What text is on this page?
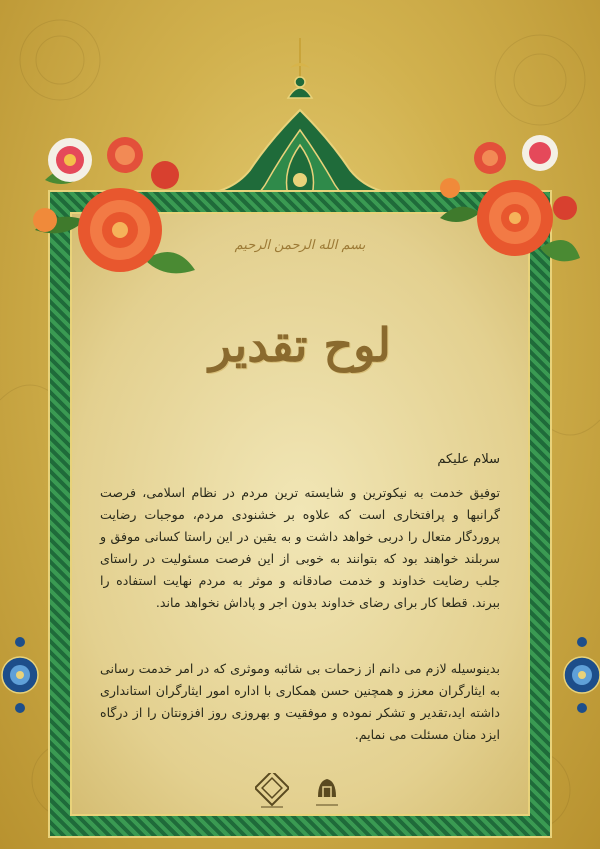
بسم الله الرحمن الرحیم
لوح تقدیر
سلام علیکم
توفیق خدمت به نیکوترین و شایسته ترین مردم در نظام اسلامی، فرصت گرانبها و پرافتخاری است که علاوه بر خشنودی مردم، موجبات رضایت پروردگار متعال را دربی خواهد داشت و به یقین در این راستا کسانی موفق و سربلند خواهند بود که بتوانند به خوبی از این فرصت مسئولیت در راستای جلب رضایت خداوند و خدمت صادقانه و موثر به مردم نهایت استفاده را ببرند. قطعا کار برای رضای خداوند بدون اجر و پاداش نخواهد ماند.
بدینوسیله لازم می دانم از زحمات بی شائبه وموثری که در امر خدمت رسانی به ایثارگران معزز و همچنین حسن همکاری با اداره امور ایثارگران استانداری داشته اید،تقدیر و تشکر نموده و موفقیت و بهروزی روز افزونتان را از درگاه ایزد منان مسئلت می نمایم.
